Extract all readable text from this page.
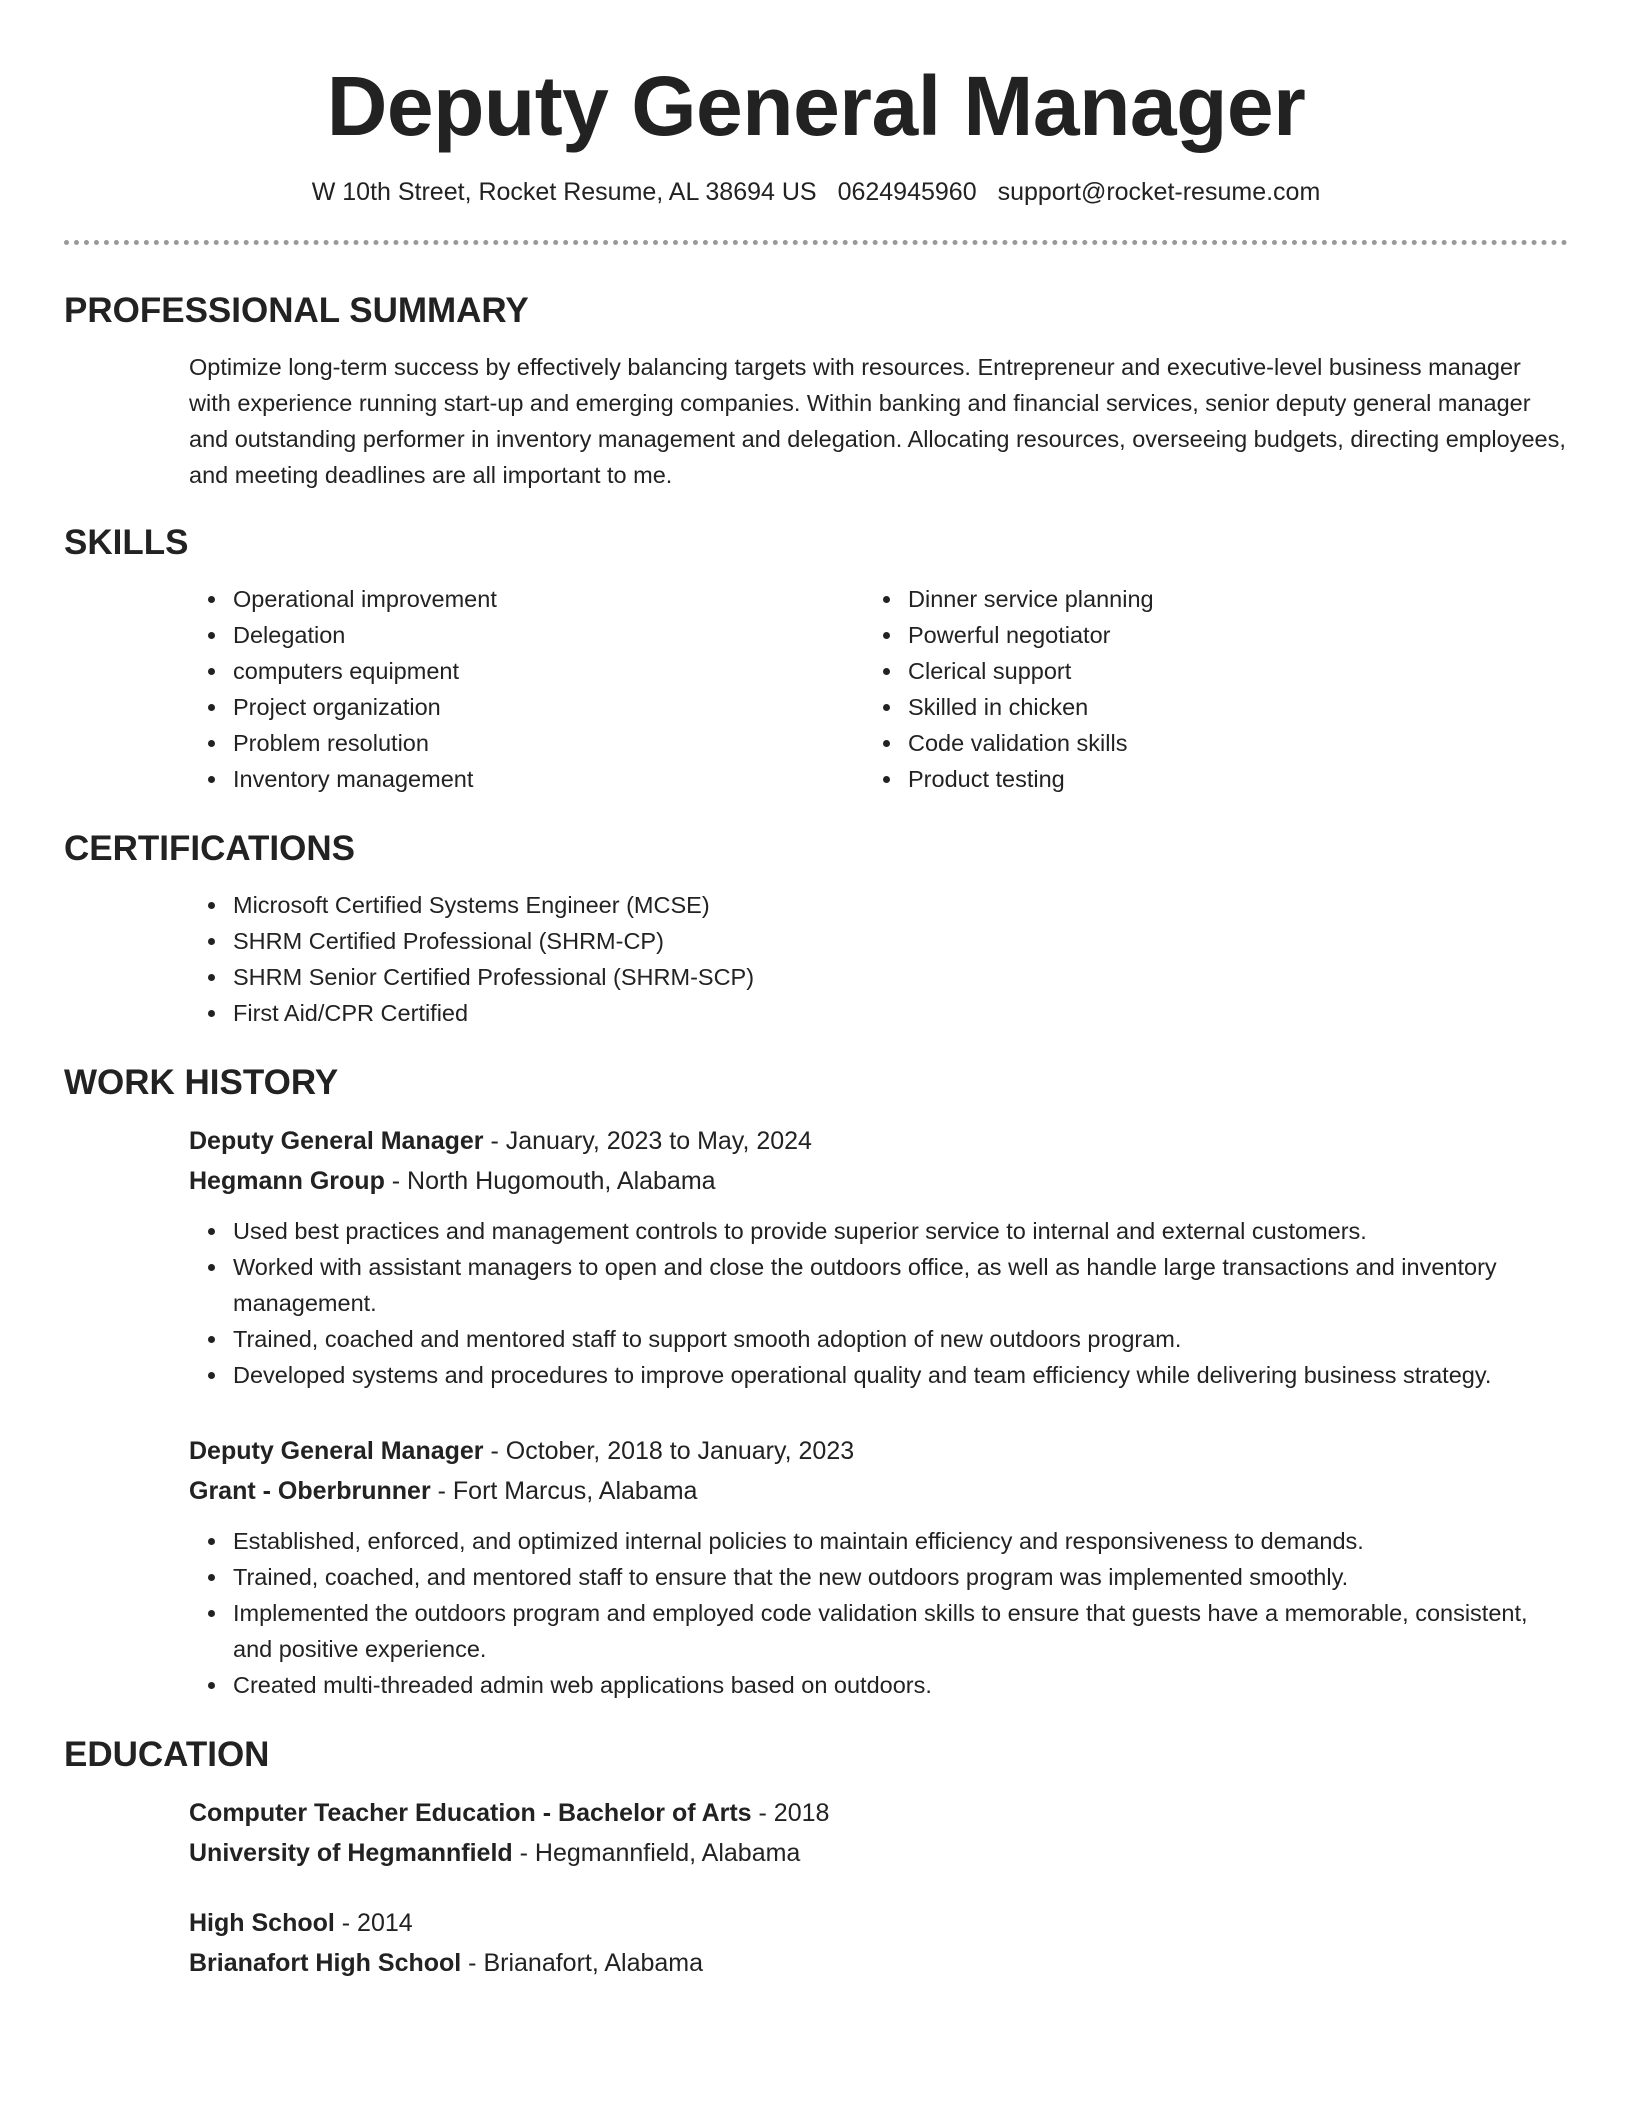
Deputy General Manager
W 10th Street, Rocket Resume, AL 38694 US 0624945960 support@rocket-resume.com
PROFESSIONAL SUMMARY

Optimize long-term success by effectively balancing targets with resources. Entrepreneur and executive-level business manager with experience running start-up and emerging companies. Within banking and financial services, senior deputy general manager and outstanding performer in inventory management and delegation. Allocating resources, overseeing budgets, directing employees, and meeting deadlines are all important to me.

SKILLS
Operational improvement
Delegation
computers equipment
Project organization
Problem resolution
Inventory management
Dinner service planning
Powerful negotiator
Clerical support
Skilled in chicken
Code validation skills
Product testing
CERTIFICATIONS
Microsoft Certified Systems Engineer (MCSE)
SHRM Certified Professional (SHRM-CP)
SHRM Senior Certified Professional (SHRM-SCP)
First Aid/CPR Certified
WORK HISTORY
Deputy General Manager - January, 2023 to May, 2024
Hegmann Group - North Hugomouth, Alabama
Used best practices and management controls to provide superior service to internal and external customers.
Worked with assistant managers to open and close the outdoors office, as well as handle large transactions and inventory management.
Trained, coached and mentored staff to support smooth adoption of new outdoors program.
Developed systems and procedures to improve operational quality and team efficiency while delivering business strategy.
Deputy General Manager - October, 2018 to January, 2023
Grant - Oberbrunner - Fort Marcus, Alabama
Established, enforced, and optimized internal policies to maintain efficiency and responsiveness to demands.
Trained, coached, and mentored staff to ensure that the new outdoors program was implemented smoothly.
Implemented the outdoors program and employed code validation skills to ensure that guests have a memorable, consistent, and positive experience.
Created multi-threaded admin web applications based on outdoors.
EDUCATION
Computer Teacher Education - Bachelor of Arts - 2018
University of Hegmannfield - Hegmannfield, Alabama
High School - 2014
Brianafort High School - Brianafort, Alabama
